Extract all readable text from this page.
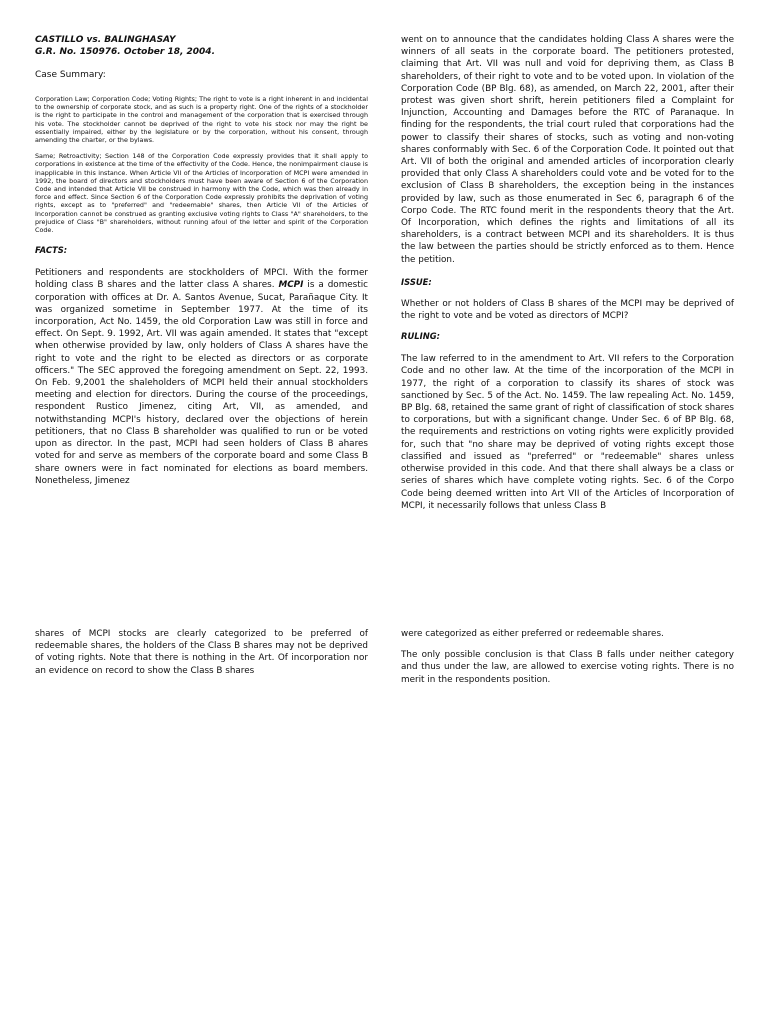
CASTILLO vs. BALINGHASAY

G.R. No. 150976. October 18, 2004.

Case Summary:

Corporation Law; Corporation Code; Voting Rights; The right to vote is a right inherent in and incidental to the ownership of corporate stock, and as such is a property right. One of the rights of a stockholder is the right to participate in the control and management of the corporation that is exercised through his vote. The stockholder cannot be deprived of the right to vote his stock nor may the right be essentially impaired, either by the legislature or by the corporation, without his consent, through amending the charter, or the bylaws.

Same; Retroactivity; Section 148 of the Corporation Code expressly provides that it shall apply to corporations in existence at the time of the effectivity of the Code. Hence, the nonimpairment clause is inapplicable in this instance. When Article VII of the Articles of Incorporation of MCPI were amended in 1992, the board of directors and stockholders must have been aware of Section 6 of the Corporation Code and intended that Article VII be construed in harmony with the Code, which was then already in force and effect. Since Section 6 of the Corporation Code expressly prohibits the deprivation of voting rights, except as to "preferred" and "redeemable" shares, then Article VII of the Articles of Incorporation cannot be construed as granting exclusive voting rights to Class "A" shareholders, to the prejudice of Class "B" shareholders, without running afoul of the letter and spirit of the Corporation Code.

FACTS:

Petitioners and respondents are stockholders of MPCI. With the former holding class B shares and the latter class A shares. MCPI is a domestic corporation with offices at Dr. A. Santos Avenue, Sucat, Parañaque City. It was organized sometime in September 1977. At the time of its incorporation, Act No. 1459, the old Corporation Law was still in force and effect. On Sept. 9. 1992, Art. VII was again amended. It states that "except when otherwise provided by law, only holders of Class A shares have the right to vote and the right to be elected as directors or as corporate officers." The SEC approved the foregoing amendment on Sept. 22, 1993. On Feb. 9,2001 the shaleholders of MCPI held their annual stockholders meeting and election for directors. During the course of the proceedings, respondent Rustico Jimenez, citing Art, VII, as amended, and notwithstanding MCPI's history, declared over the objections of herein petitioners, that no Class B shareholder was qualified to run or be voted upon as director. In the past, MCPI had seen holders of Class B ahares voted for and serve as members of the corporate board and some Class B share owners were in fact nominated for elections as board members. Nonetheless, Jimenez

went on to announce that the candidates holding Class A shares were the winners of all seats in the corporate board. The petitioners protested, claiming that Art. VII was null and void for depriving them, as Class B shareholders, of their right to vote and to be voted upon. In violation of the Corporation Code (BP Blg. 68), as amended, on March 22, 2001, after their protest was given short shrift, herein petitioners filed a Complaint for Injunction, Accounting and Damages before the RTC of Paranaque. In finding for the respondents, the trial court ruled that corporations had the power to classify their shares of stocks, such as voting and non-voting shares conformably with Sec. 6 of the Corporation Code. It pointed out that Art. VII of both the original and amended articles of incorporation clearly provided that only Class A shareholders could vote and be voted for to the exclusion of Class B shareholders, the exception being in the instances provided by law, such as those enumerated in Sec 6, paragraph 6 of the Corpo Code. The RTC found merit in the respondents theory that the Art. Of Incorporation, which defines the rights and limitations of all its shareholders, is a contract between MCPI and its shareholders. It is thus the law between the parties should be strictly enforced as to them. Hence the petition.

ISSUE:

Whether or not holders of Class B shares of the MCPI may be deprived of the right to vote and be voted as directors of MCPI?

RULING:

The law referred to in the amendment to Art. VII refers to the Corporation Code and no other law. At the time of the incorporation of the MCPI in 1977, the right of a corporation to classify its shares of stock was sanctioned by Sec. 5 of the Act. No. 1459. The law repealing Act. No. 1459, BP Blg. 68, retained the same grant of right of classification of stock shares to corporations, but with a significant change. Under Sec. 6 of BP Blg. 68, the requirements and restrictions on voting rights were explicitly provided for, such that "no share may be deprived of voting rights except those classified and issued as "preferred" or "redeemable" shares unless otherwise provided in this code. And that there shall always be a class or series of shares which have complete voting rights. Sec. 6 of the Corpo Code being deemed written into Art VII of the Articles of Incorporation of MCPI, it necessarily follows that unless Class B

shares of MCPI stocks are clearly categorized to be preferred of redeemable shares, the holders of the Class B shares may not be deprived of voting rights. Note that there is nothing in the Art. Of incorporation nor an evidence on record to show the Class B shares

were categorized as either preferred or redeemable shares.

The only possible conclusion is that Class B falls under neither category and thus under the law, are allowed to exercise voting rights. There is no merit in the respondents position.
